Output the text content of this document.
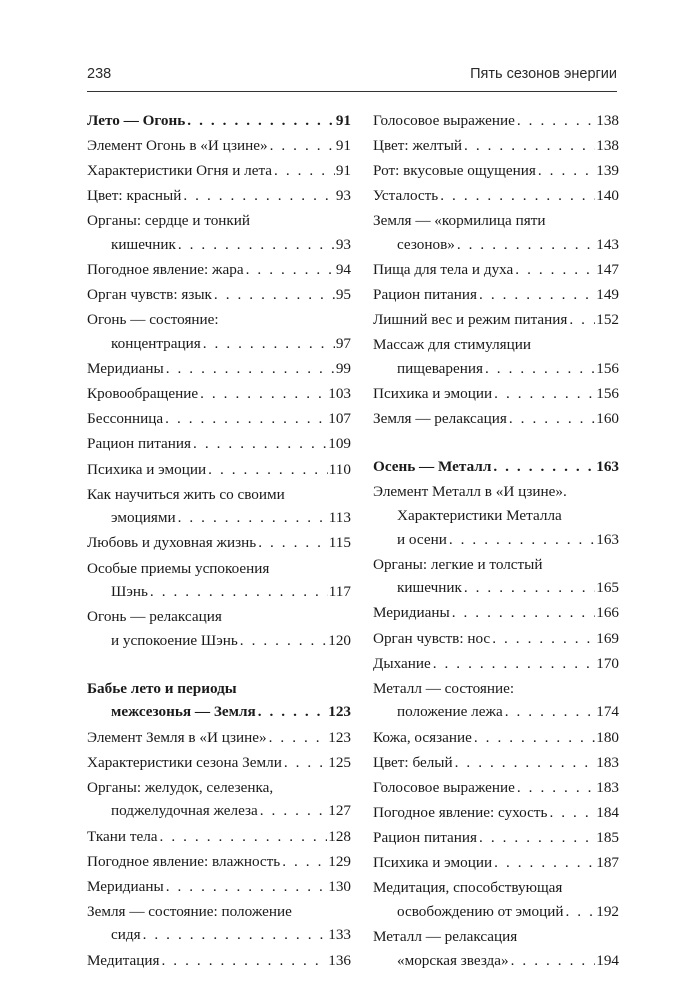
238	Пять сезонов энергии
Лето — Огонь . . .	91
Элемент Огонь в «И цзине» . . .	91
Характеристики Огня и лета . . .	91
Цвет: красный . . .	93
Органы: сердце и тонкий
кишечник . . .	93
Погодное явление: жара . . .	94
Орган чувств: язык . . .	95
Огонь — состояние:
концентрация . . .	97
Меридианы . . .	99
Кровообращение . . .	103
Бессонница . . .	107
Рацион питания . . .	109
Психика и эмоции . . .	110
Как научиться жить со своими
эмоциями . . .	113
Любовь и духовная жизнь . . .	115
Особые приемы успокоения
Шэнь . . .	117
Огонь — релаксация
и успокоение Шэнь . . .	120
Бабье лето и периоды
межсезонья — Земля . . .	123
Элемент Земля в «И цзине» . . .	123
Характеристики сезона Земли . . .	125
Органы: желудок, селезенка,
поджелудочная железа . . .	127
Ткани тела . . .	128
Погодное явление: влажность . . .	129
Меридианы . . .	130
Земля — состояние: положение
сидя . . .	133
Медитация . . .	136
Голосовое выражение . . .	138
Цвет: желтый . . .	138
Рот: вкусовые ощущения . . .	139
Усталость . . .	140
Земля — «кормилица пяти
сезонов» . . .	143
Пища для тела и духа . . .	147
Рацион питания . . .	149
Лишний вес и режим питания . . . 152
Массаж для стимуляции
пищеварения . . .	156
Психика и эмоции . . .	156
Земля — релаксация . . .	160
Осень — Металл . . .	163
Элемент Металл в «И цзине».
Характеристики Металла
и осени . . .	163
Органы: легкие и толстый
кишечник . . .	165
Меридианы . . .	166
Орган чувств: нос . . .	169
Дыхание . . .	170
Металл — состояние:
положение лежа . . .	174
Кожа, осязание . . .	180
Цвет: белый . . .	183
Голосовое выражение . . .	183
Погодное явление: сухость . . .	184
Рацион питания . . .	185
Психика и эмоции . . .	187
Медитация, способствующая
освобождению от эмоций . . . 192
Металл — релаксация
«морская звезда» . . .	194
